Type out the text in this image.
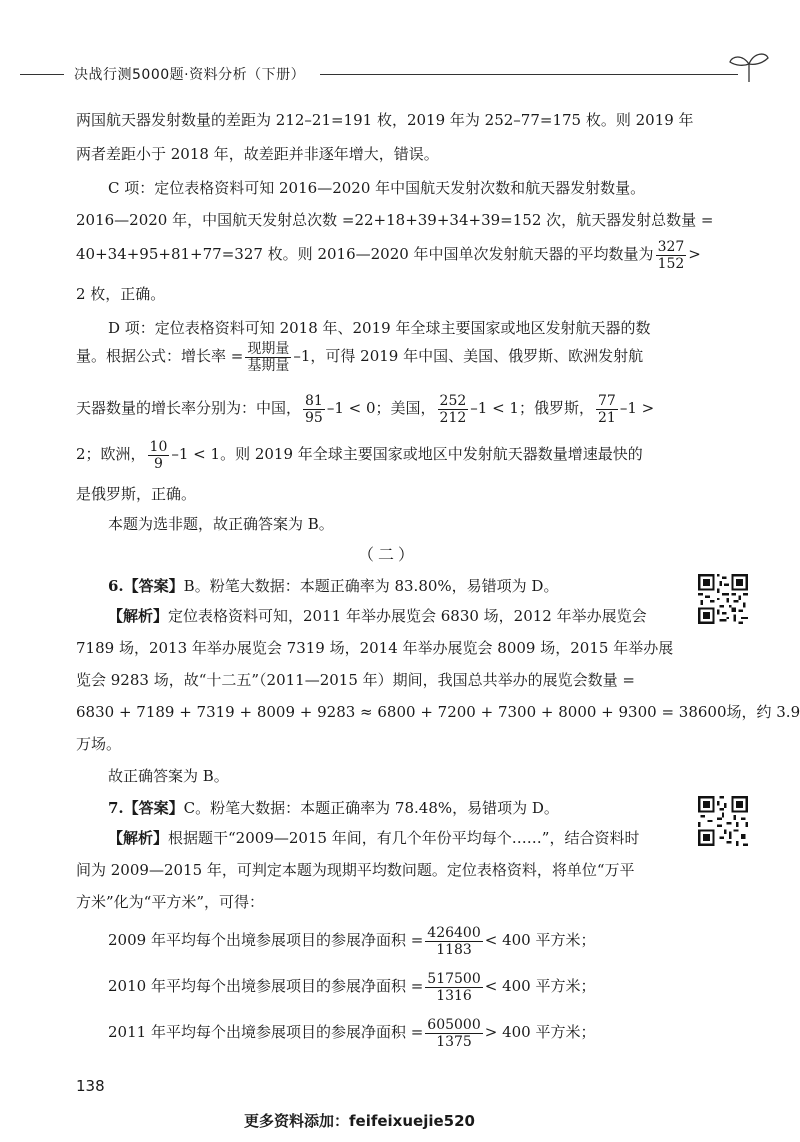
决战行测5000题·资料分析（下册）
两国航天器发射数量的差距为 212–21=191 枚，2019 年为 252–77=175 枚。则 2019 年
两者差距小于 2018 年，故差距并非逐年增大，错误。
C 项：定位表格资料可知 2016—2020 年中国航天发射次数和航天器发射数量。
2016—2020 年，中国航天发射总次数 =22+18+39+34+39=152 次，航天器发射总数量 =
40+34+95+81+77=327 枚。则 2016—2020 年中国单次发射航天器的平均数量为 $\frac{327}{152}$ >
2 枚，正确。
D 项：定位表格资料可知 2018 年、2019 年全球主要国家或地区发射航天器的数
量。根据公式：增长率 = $\frac{\text{现期量}}{\text{基期量}} -1$，可得 2019 年中国、美国、俄罗斯、欧洲发射航
天器数量的增长率分别为：中国， $\frac{81}{95} -1 < 0$；美国， $\frac{252}{212} -1 < 1$；俄罗斯， $\frac{77}{21} -1$ >
2；欧洲， $\frac{10}{9} -1 < 1$。则 2019 年全球主要国家或地区中发射航天器数量增速最快的
是俄罗斯，正确。
本题为选非题，故正确答案为 B。
（二）
6.【答案】B。粉笔大数据：本题正确率为 83.80%，易错项为 D。
【解析】定位表格资料可知，2011 年举办展览会 6830 场，2012 年举办展览会
7189 场，2013 年举办展览会 7319 场，2014 年举办展览会 8009 场，2015 年举办展
览会 9283 场，故“十二五”（2011—2015 年）期间，我国总共举办的展览会数量 =
6830 + 7189 + 7319 + 8009 + 9283 ≈ 6800 + 7200 + 7300 + 8000 + 9300 = 38600场，约 3.9
万场。
故正确答案为 B。
7.【答案】C。粉笔大数据：本题正确率为 78.48%，易错项为 D。
【解析】根据题干“2009—2015 年间，有几个年份平均每个……”，结合资料时
间为 2009—2015 年，可判定本题为现期平均数问题。定位表格资料，将单位“万平
方米”化为“平方米”，可得：
2009 年平均每个出境参展项目的参展净面积 = $\frac{426400}{1183} < 400$ 平方米；
2010 年平均每个出境参展项目的参展净面积 = $\frac{517500}{1316} < 400$ 平方米；
2011 年平均每个出境参展项目的参展净面积 = $\frac{605000}{1375} > 400$ 平方米；
138
更多资料添加：feifeixuejie520
